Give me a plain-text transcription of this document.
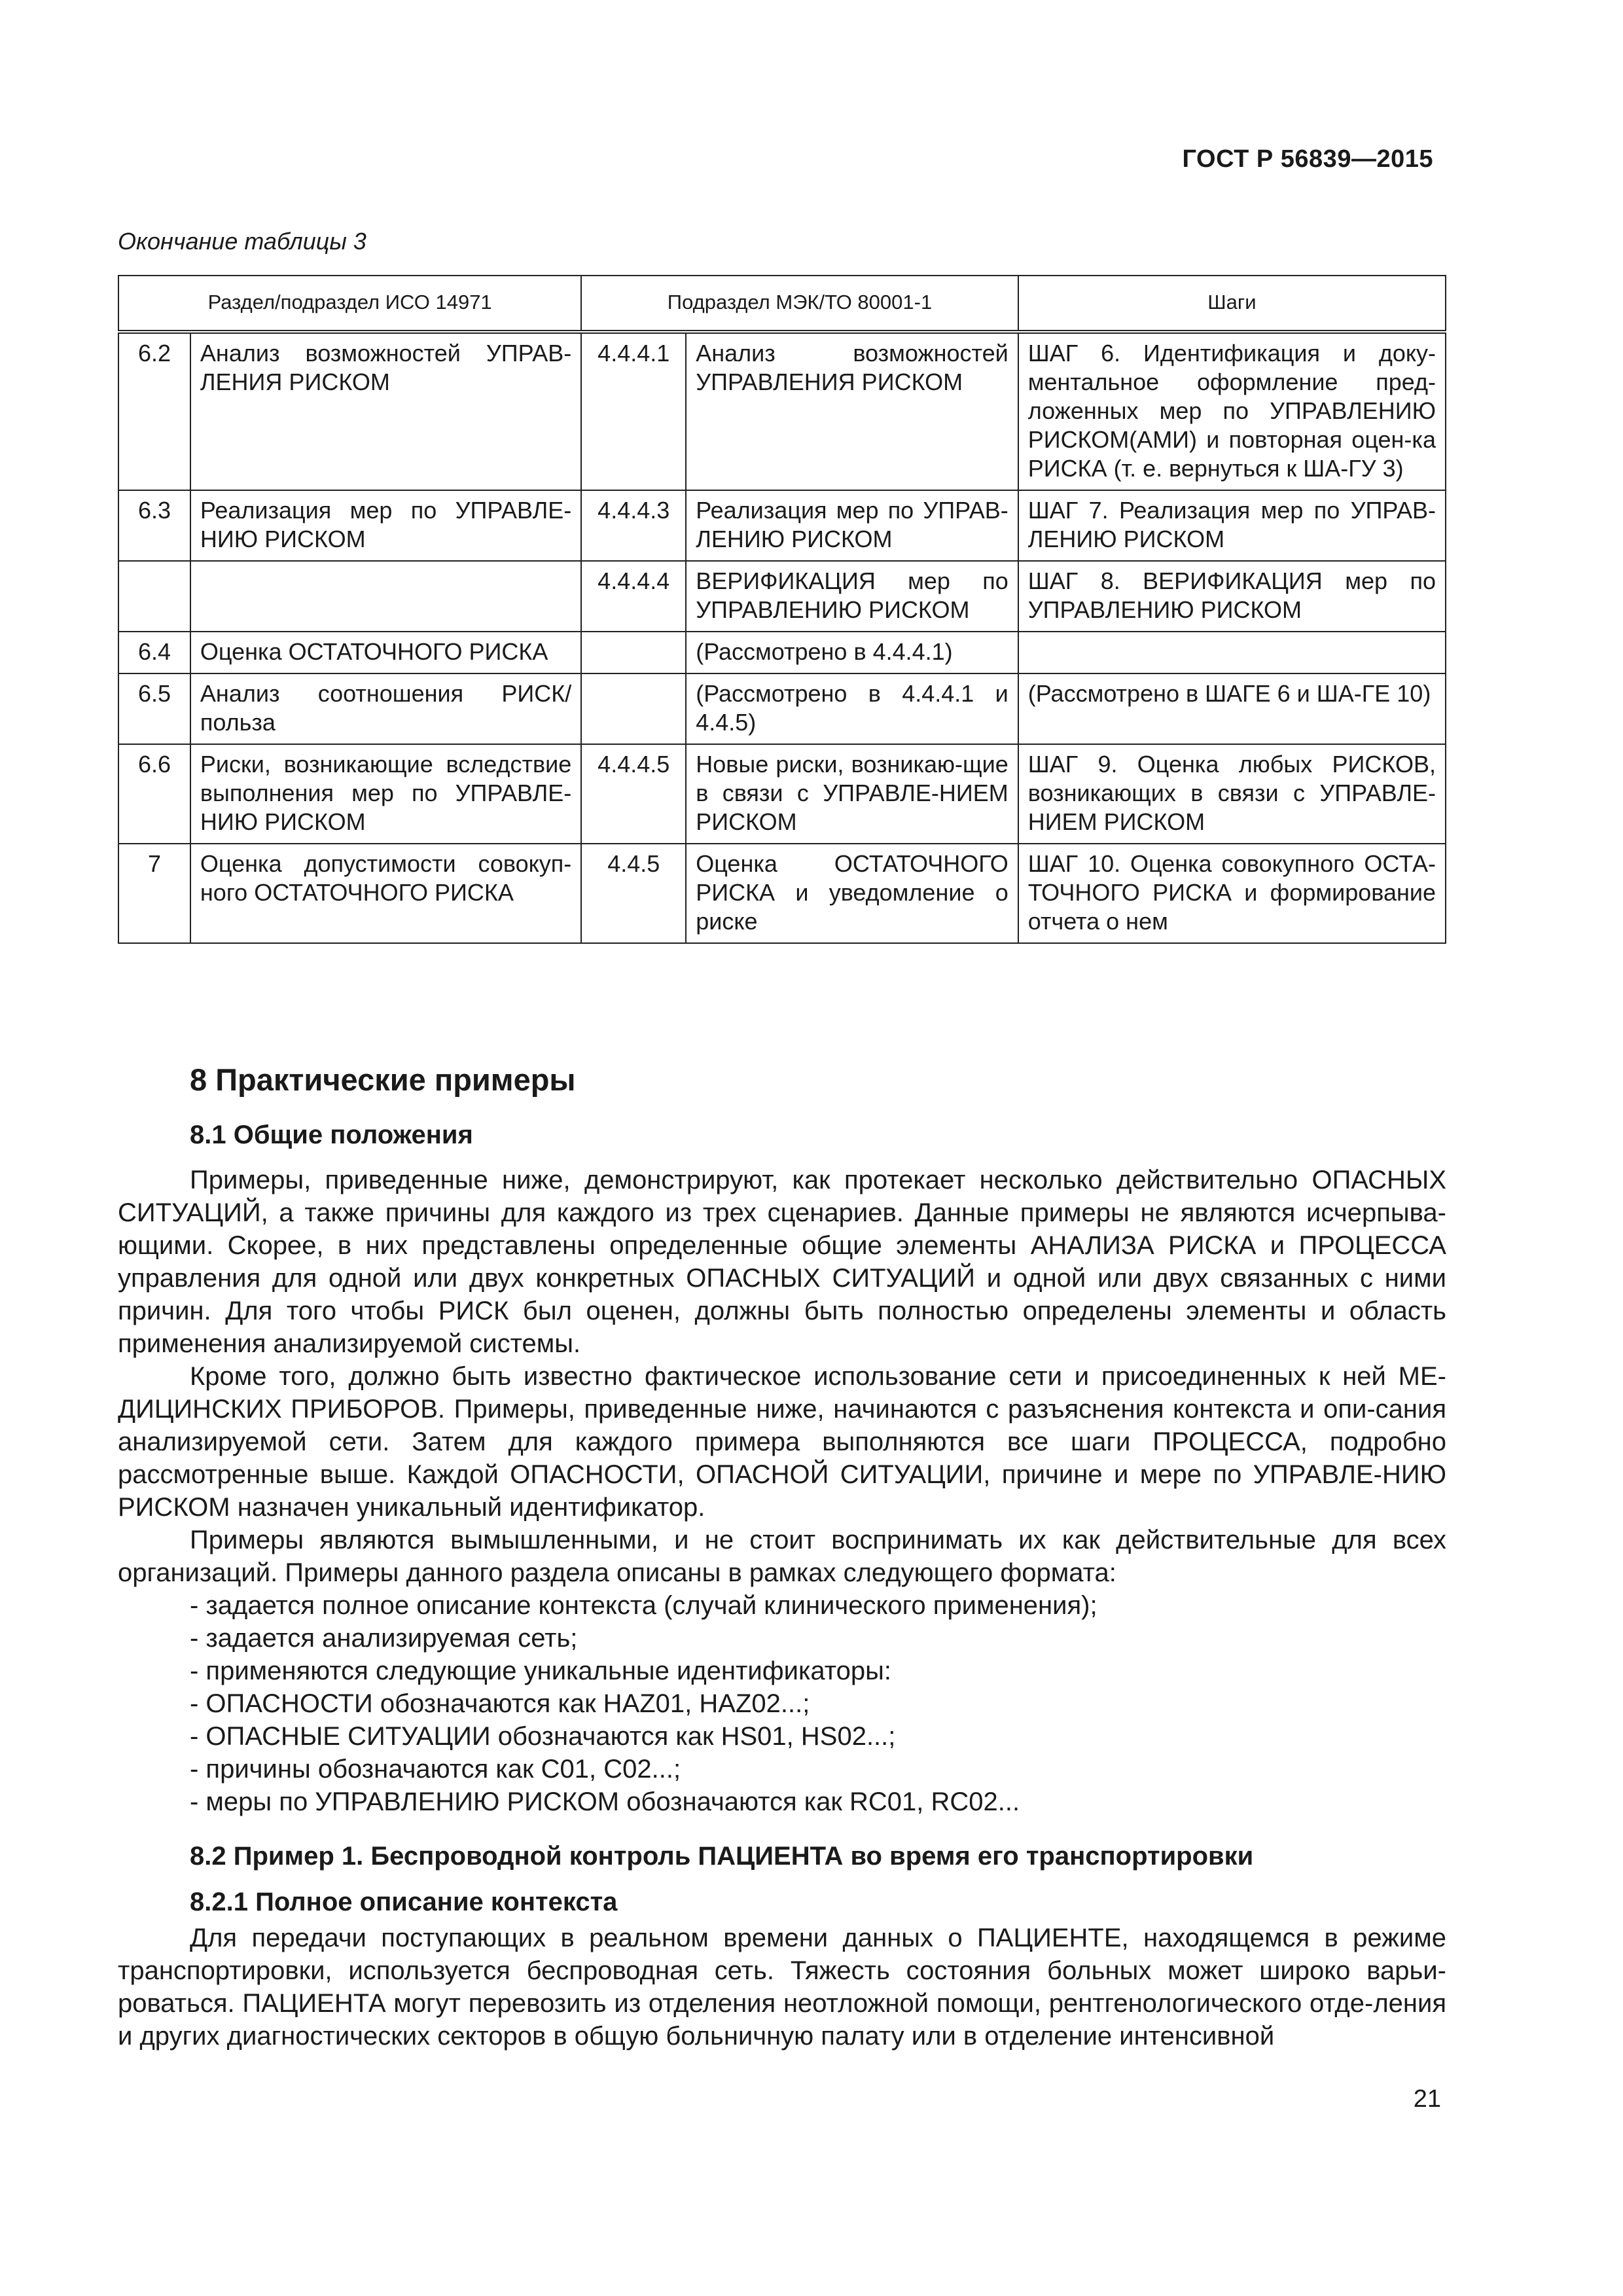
ГОСТ Р 56839—2015
Окончание таблицы 3
Раздел/подраздел ИСО 14971		Подраздел МЭК/ТО 80001-1		Шаги
6.2	Анализ возможностей УПРАВ-ЛЕНИЯ РИСКОМ	4.4.4.1	Анализ возможностей УПРАВЛЕНИЯ РИСКОМ	ШАГ 6. Идентификация и доку-ментальное оформление пред-ложенных мер по УПРАВЛЕНИЮ РИСКОМ(АМИ) и повторная оцен-ка РИСКА (т. е. вернуться к ША-ГУ 3)
6.3	Реализация мер по УПРАВЛЕ-НИЮ РИСКОМ	4.4.4.3	Реализация мер по УПРАВ-ЛЕНИЮ РИСКОМ	ШАГ 7. Реализация мер по УПРАВ-ЛЕНИЮ РИСКОМ
		4.4.4.4	ВЕРИФИКАЦИЯ мер по УПРАВЛЕНИЮ РИСКОМ	ШАГ 8. ВЕРИФИКАЦИЯ мер по УПРАВЛЕНИЮ РИСКОМ
6.4	Оценка ОСТАТОЧНОГО РИСКА		(Рассмотрено в 4.4.4.1)	
6.5	Анализ соотношения РИСК/ польза		(Рассмотрено в 4.4.4.1 и 4.4.5)	(Рассмотрено в ШАГЕ 6 и ША-ГЕ 10)
6.6	Риски, возникающие вследствие выполнения мер по УПРАВЛЕ-НИЮ РИСКОМ	4.4.4.5	Новые риски, возникаю-щие в связи с УПРАВЛЕ-НИЕМ РИСКОМ	ШАГ 9. Оценка любых РИСКОВ, возникающих в связи с УПРАВЛЕ-НИЕМ РИСКОМ
7	Оценка допустимости совокуп-ного ОСТАТОЧНОГО РИСКА	4.4.5	Оценка ОСТАТОЧНОГО РИСКА и уведомление о риске	ШАГ 10. Оценка совокупного ОСТА-ТОЧНОГО РИСКА и формирование отчета о нем
8 Практические примеры
8.1 Общие положения

Примеры, приведенные ниже, демонстрируют, как протекает несколько действительно ОПАСНЫХ СИТУАЦИЙ, а также причины для каждого из трех сценариев. Данные примеры не являются исчерпыва-ющими. Скорее, в них представлены определенные общие элементы АНАЛИЗА РИСКА и ПРОЦЕССА управления для одной или двух конкретных ОПАСНЫХ СИТУАЦИЙ и одной или двух связанных с ними причин. Для того чтобы РИСК был оценен, должны быть полностью определены элементы и область применения анализируемой системы.

Кроме того, должно быть известно фактическое использование сети и присоединенных к ней МЕ-ДИЦИНСКИХ ПРИБОРОВ. Примеры, приведенные ниже, начинаются с разъяснения контекста и опи-сания анализируемой сети. Затем для каждого примера выполняются все шаги ПРОЦЕССА, подробно рассмотренные выше. Каждой ОПАСНОСТИ, ОПАСНОЙ СИТУАЦИИ, причине и мере по УПРАВЛЕ-НИЮ РИСКОМ назначен уникальный идентификатор.

Примеры являются вымышленными, и не стоит воспринимать их как действительные для всех организаций. Примеры данного раздела описаны в рамках следующего формата:

- задается полное описание контекста (случай клинического применения);
- задается анализируемая сеть;
- применяются следующие уникальные идентификаторы:
- ОПАСНОСТИ обозначаются как HAZ01, HAZ02...;
- ОПАСНЫЕ СИТУАЦИИ обозначаются как HS01, HS02...;
- причины обозначаются как C01, C02...;
- меры по УПРАВЛЕНИЮ РИСКОМ обозначаются как RC01, RC02...
8.2 Пример 1. Беспроводной контроль ПАЦИЕНТА во время его транспортировки
8.2.1 Полное описание контекста

Для передачи поступающих в реальном времени данных о ПАЦИЕНТЕ, находящемся в режиме транспортировки, используется беспроводная сеть. Тяжесть состояния больных может широко варьи-роваться. ПАЦИЕНТА могут перевозить из отделения неотложной помощи, рентгенологического отде-ления и других диагностических секторов в общую больничную палату или в отделение интенсивной

21
